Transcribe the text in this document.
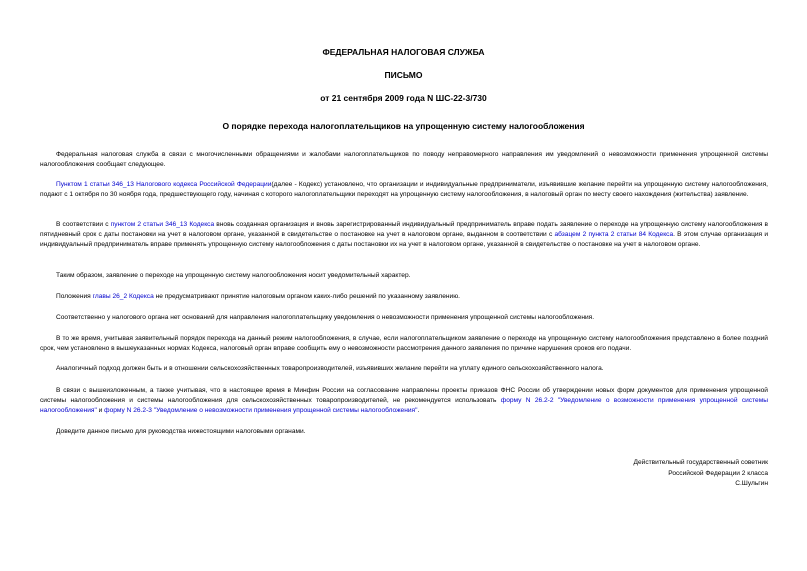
ФЕДЕРАЛЬНАЯ НАЛОГОВАЯ СЛУЖБА
ПИСЬМО
от 21 сентября 2009 года N ШС-22-3/730
О порядке перехода налогоплательщиков на упрощенную систему налогообложения
Федеральная налоговая служба в связи с многочисленными обращениями и жалобами налогоплательщиков по поводу неправомерного направления им уведомлений о невозможности применения упрощенной системы налогообложения сообщает следующее.
Пунктом 1 статьи 346_13 Налогового кодекса Российской Федерации(далее - Кодекс) установлено, что организации и индивидуальные предприниматели, изъявившие желание перейти на упрощенную систему налогообложения, подают с 1 октября по 30 ноября года, предшествующего году, начиная с которого налогоплательщики переходят на упрощенную систему налогообложения, в налоговый орган по месту своего нахождения (жительства) заявление.
В соответствии с пунктом 2 статьи 346_13 Кодекса вновь созданная организация и вновь зарегистрированный индивидуальный предприниматель вправе подать заявление о переходе на упрощенную систему налогообложения в пятидневный срок с даты постановки на учет в налоговом органе, указанной в свидетельстве о постановке на учет в налоговом органе, выданном в соответствии с абзацем 2 пункта 2 статьи 84 Кодекса. В этом случае организация и индивидуальный предприниматель вправе применять упрощенную систему налогообложения с даты постановки их на учет в налоговом органе, указанной в свидетельстве о постановке на учет в налоговом органе.
Таким образом, заявление о переходе на упрощенную систему налогообложения носит уведомительный характер.
Положения главы 26_2 Кодекса не предусматривают принятие налоговым органом каких-либо решений по указанному заявлению.
Соответственно у налогового органа нет оснований для направления налогоплательщику уведомления о невозможности применения упрощенной системы налогообложения.
В то же время, учитывая заявительный порядок перехода на данный режим налогообложения, в случае, если налогоплательщиком заявление о переходе на упрощенную систему налогообложения представлено в более поздний срок, чем установлено в вышеуказанных нормах Кодекса, налоговый орган вправе сообщить ему о невозможности рассмотрения данного заявления по причине нарушения сроков его подачи.
Аналогичный подход должен быть и в отношении сельскохозяйственных товаропроизводителей, изъявивших желание перейти на уплату единого сельскохозяйственного налога.
В связи с вышеизложенным, а также учитывая, что в настоящее время в Минфин России на согласование направлены проекты приказов ФНС России об утверждении новых форм документов для применения упрощенной системы налогообложения и системы налогообложения для сельскохозяйственных товаропроизводителей, не рекомендуется использовать форму N 26.2-2 "Уведомление о возможности применения упрощенной системы налогообложения" и форму N 26.2-3 "Уведомление о невозможности применения упрощенной системы налогообложения".
Доведите данное письмо для руководства нижестоящими налоговыми органами.
Действительный государственный советник
Российской Федерации 2 класса
С.Шульгин
